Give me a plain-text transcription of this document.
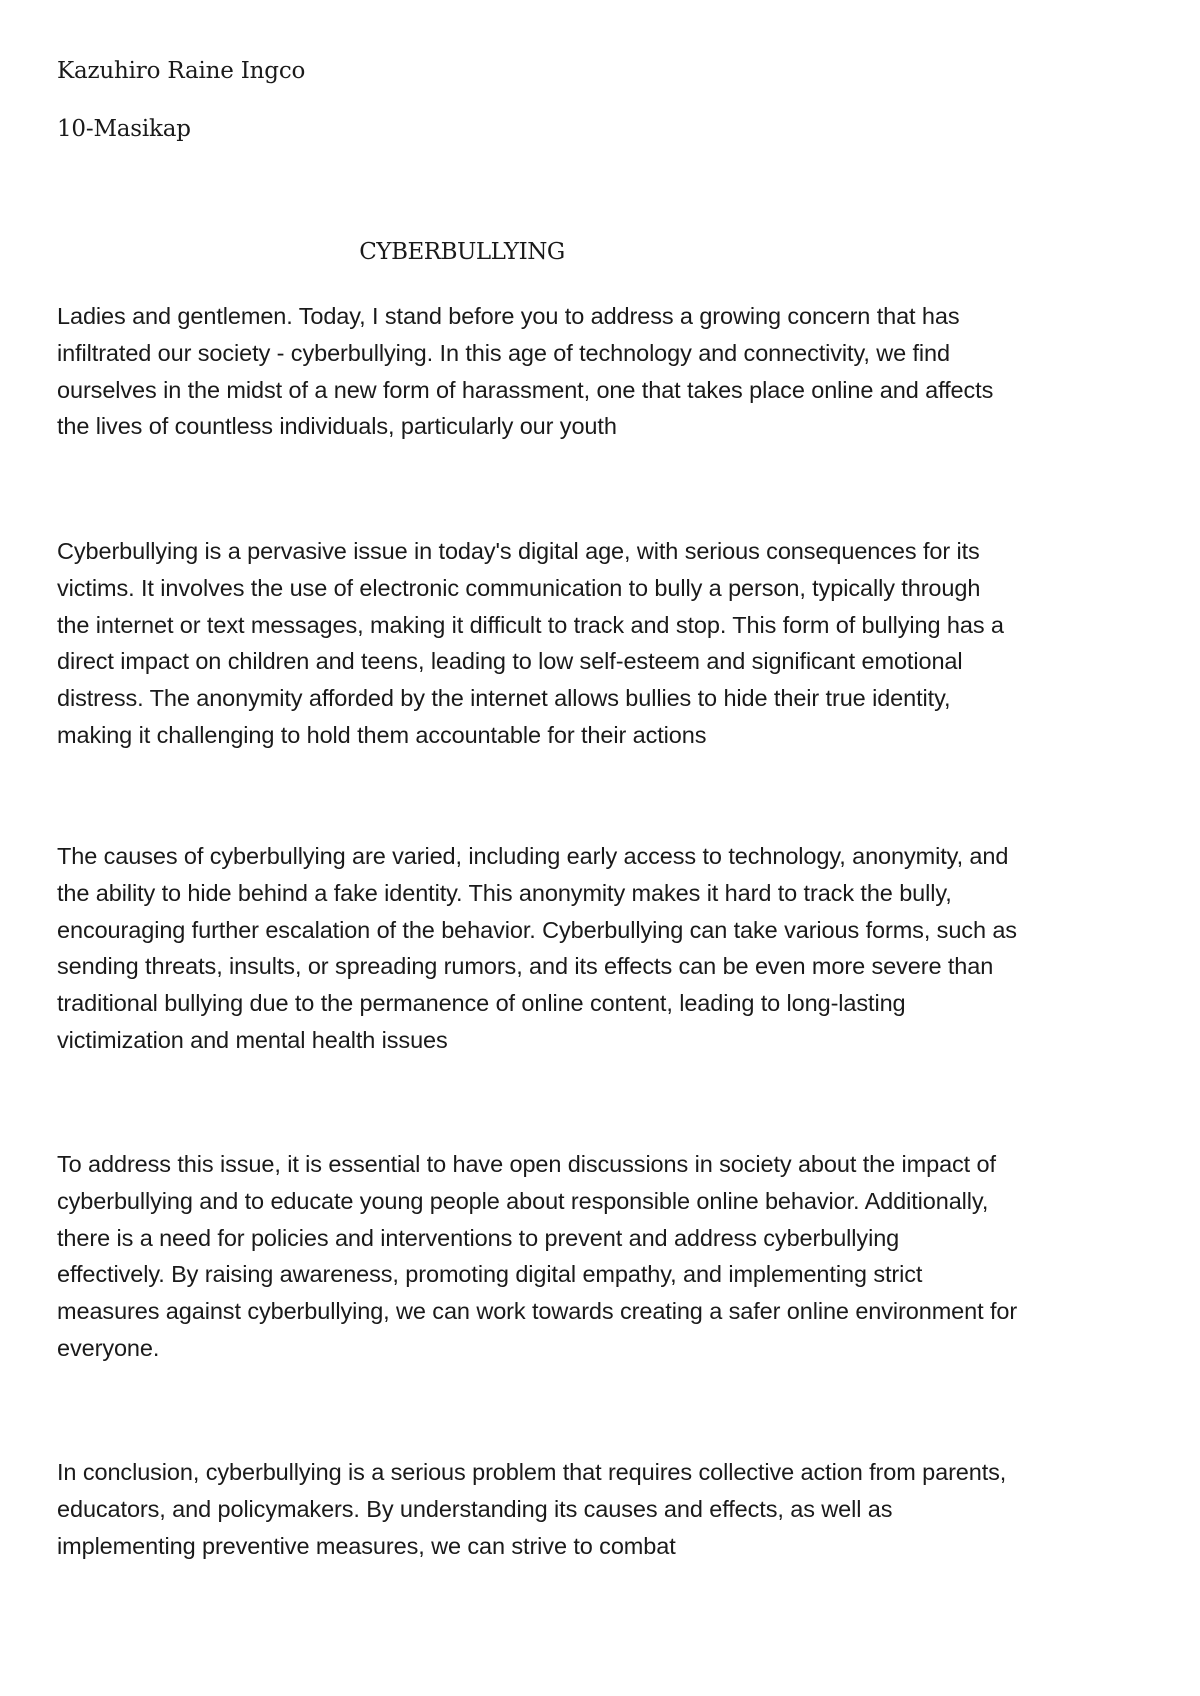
Kazuhiro Raine Ingco
10-Masikap
CYBERBULLYING

Ladies and gentlemen. Today, I stand before you to address a growing concern that has
infiltrated our society - cyberbullying. In this age of technology and connectivity, we find
ourselves in the midst of a new form of harassment, one that takes place online and affects
the lives of countless individuals, particularly our youth

Cyberbullying is a pervasive issue in today's digital age, with serious consequences for its
victims. It involves the use of electronic communication to bully a person, typically through
the internet or text messages, making it difficult to track and stop. This form of bullying has a
direct impact on children and teens, leading to low self-esteem and significant emotional
distress. The anonymity afforded by the internet allows bullies to hide their true identity,
making it challenging to hold them accountable for their actions

The causes of cyberbullying are varied, including early access to technology, anonymity, and
the ability to hide behind a fake identity. This anonymity makes it hard to track the bully,
encouraging further escalation of the behavior. Cyberbullying can take various forms, such as
sending threats, insults, or spreading rumors, and its effects can be even more severe than
traditional bullying due to the permanence of online content, leading to long-lasting
victimization and mental health issues

To address this issue, it is essential to have open discussions in society about the impact of
cyberbullying and to educate young people about responsible online behavior. Additionally,
there is a need for policies and interventions to prevent and address cyberbullying
effectively. By raising awareness, promoting digital empathy, and implementing strict
measures against cyberbullying, we can work towards creating a safer online environment for
everyone.

In conclusion, cyberbullying is a serious problem that requires collective action from parents,
educators, and policymakers. By understanding its causes and effects, as well as
implementing preventive measures, we can strive to combat
